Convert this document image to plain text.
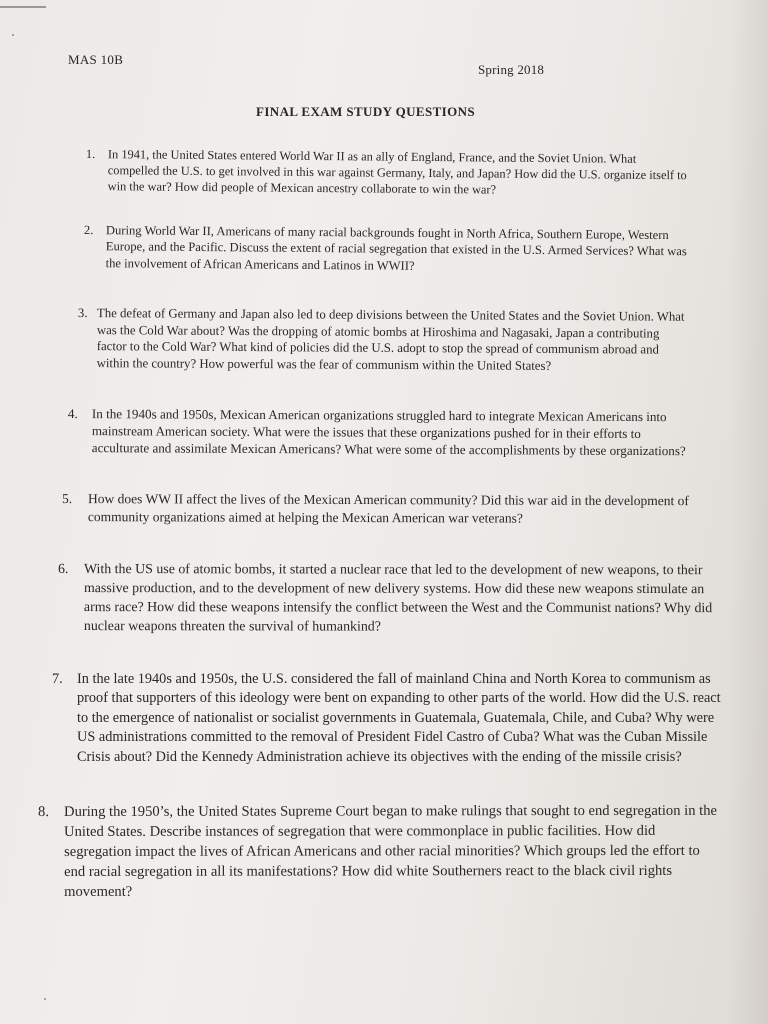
MAS 10B
Spring 2018
FINAL EXAM STUDY QUESTIONS
1. In 1941, the United States entered World War II as an ally of England, France, and the Soviet Union. What compelled the U.S. to get involved in this war against Germany, Italy, and Japan? How did the U.S. organize itself to win the war? How did people of Mexican ancestry collaborate to win the war?
2. During World War II, Americans of many racial backgrounds fought in North Africa, Southern Europe, Western Europe, and the Pacific. Discuss the extent of racial segregation that existed in the U.S. Armed Services? What was the involvement of African Americans and Latinos in WWII?
3. The defeat of Germany and Japan also led to deep divisions between the United States and the Soviet Union. What was the Cold War about? Was the dropping of atomic bombs at Hiroshima and Nagasaki, Japan a contributing factor to the Cold War? What kind of policies did the U.S. adopt to stop the spread of communism abroad and within the country? How powerful was the fear of communism within the United States?
4. In the 1940s and 1950s, Mexican American organizations struggled hard to integrate Mexican Americans into mainstream American society. What were the issues that these organizations pushed for in their efforts to acculturate and assimilate Mexican Americans? What were some of the accomplishments by these organizations?
5. How does WW II affect the lives of the Mexican American community? Did this war aid in the development of community organizations aimed at helping the Mexican American war veterans?
6. With the US use of atomic bombs, it started a nuclear race that led to the development of new weapons, to their massive production, and to the development of new delivery systems. How did these new weapons stimulate an arms race? How did these weapons intensify the conflict between the West and the Communist nations? Why did nuclear weapons threaten the survival of humankind?
7. In the late 1940s and 1950s, the U.S. considered the fall of mainland China and North Korea to communism as proof that supporters of this ideology were bent on expanding to other parts of the world. How did the U.S. react to the emergence of nationalist or socialist governments in Guatemala, Guatemala, Chile, and Cuba? Why were US administrations committed to the removal of President Fidel Castro of Cuba? What was the Cuban Missile Crisis about? Did the Kennedy Administration achieve its objectives with the ending of the missile crisis?
8. During the 1950’s, the United States Supreme Court began to make rulings that sought to end segregation in the United States. Describe instances of segregation that were commonplace in public facilities. How did segregation impact the lives of African Americans and other racial minorities? Which groups led the effort to end racial segregation in all its manifestations? How did white Southerners react to the black civil rights movement?
